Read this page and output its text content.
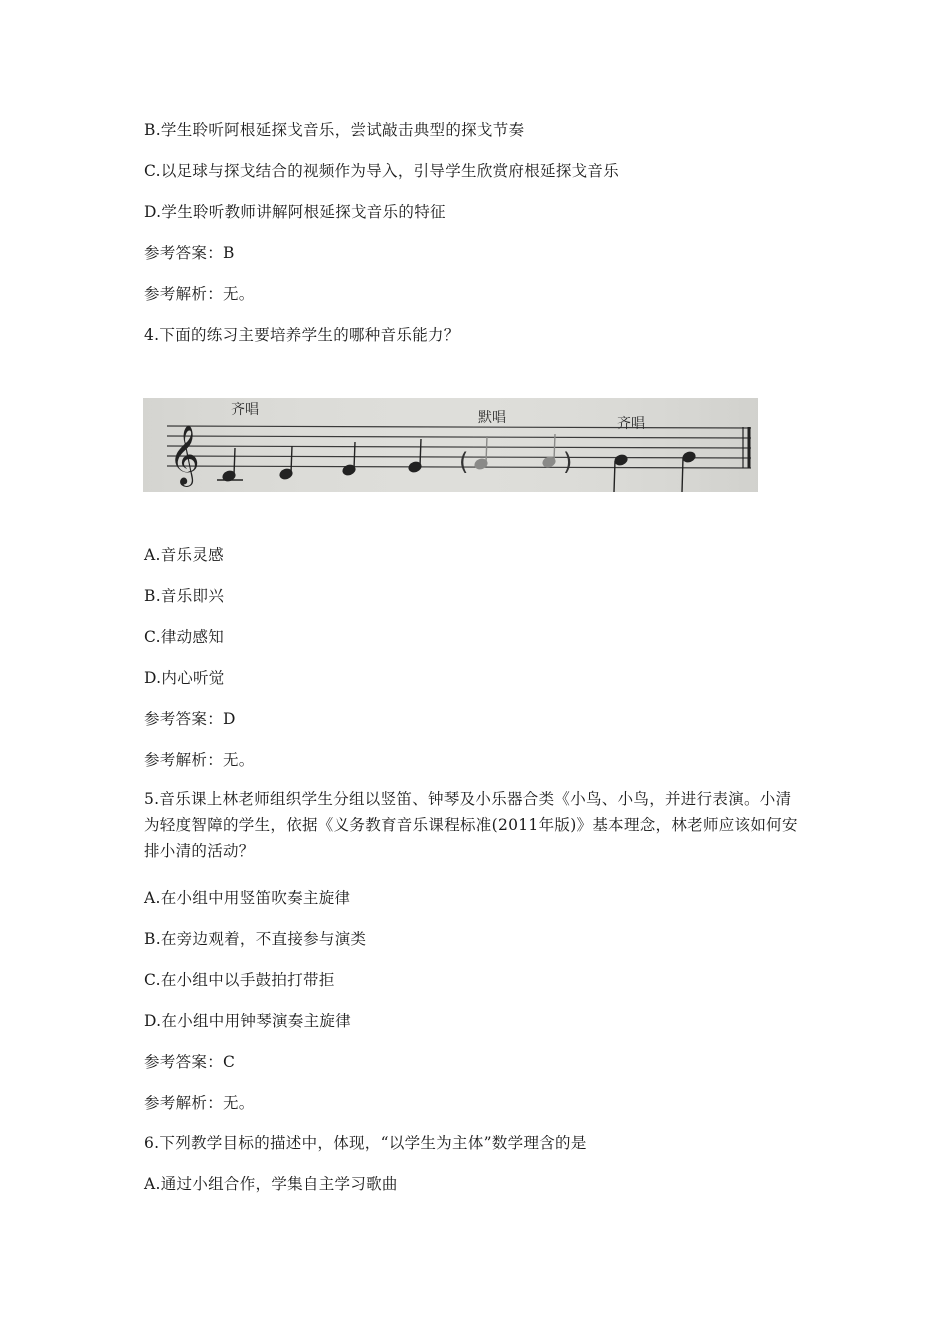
B.学生聆听阿根延探戈音乐，尝试敲击典型的探戈节奏
C.以足球与探戈结合的视频作为导入，引导学生欣赏府根延探戈音乐
D.学生聆听教师讲解阿根延探戈音乐的特征
参考答案：B
参考解析：无。
4.下面的练习主要培养学生的哪种音乐能力？
𝄞	(	)
齐唱	默唱	齐唱
A.音乐灵感
B.音乐即兴
C.律动感知
D.内心听觉
参考答案：D
参考解析：无。
5.音乐课上林老师组织学生分组以竖笛、钟琴及小乐器合类《小鸟、小鸟，并进行表演。小清
为轻度智障的学生，依据《义务教育音乐课程标准(2011年版)》基本理念，林老师应该如何安
排小清的活动？
A.在小组中用竖笛吹奏主旋律
B.在旁边观着，不直接参与演类
C.在小组中以手鼓拍打带拒
D.在小组中用钟琴演奏主旋律
参考答案：C
参考解析：无。
6.下列教学目标的描述中，体现，“以学生为主体”数学理含的是
A.通过小组合作，学集自主学习歌曲
